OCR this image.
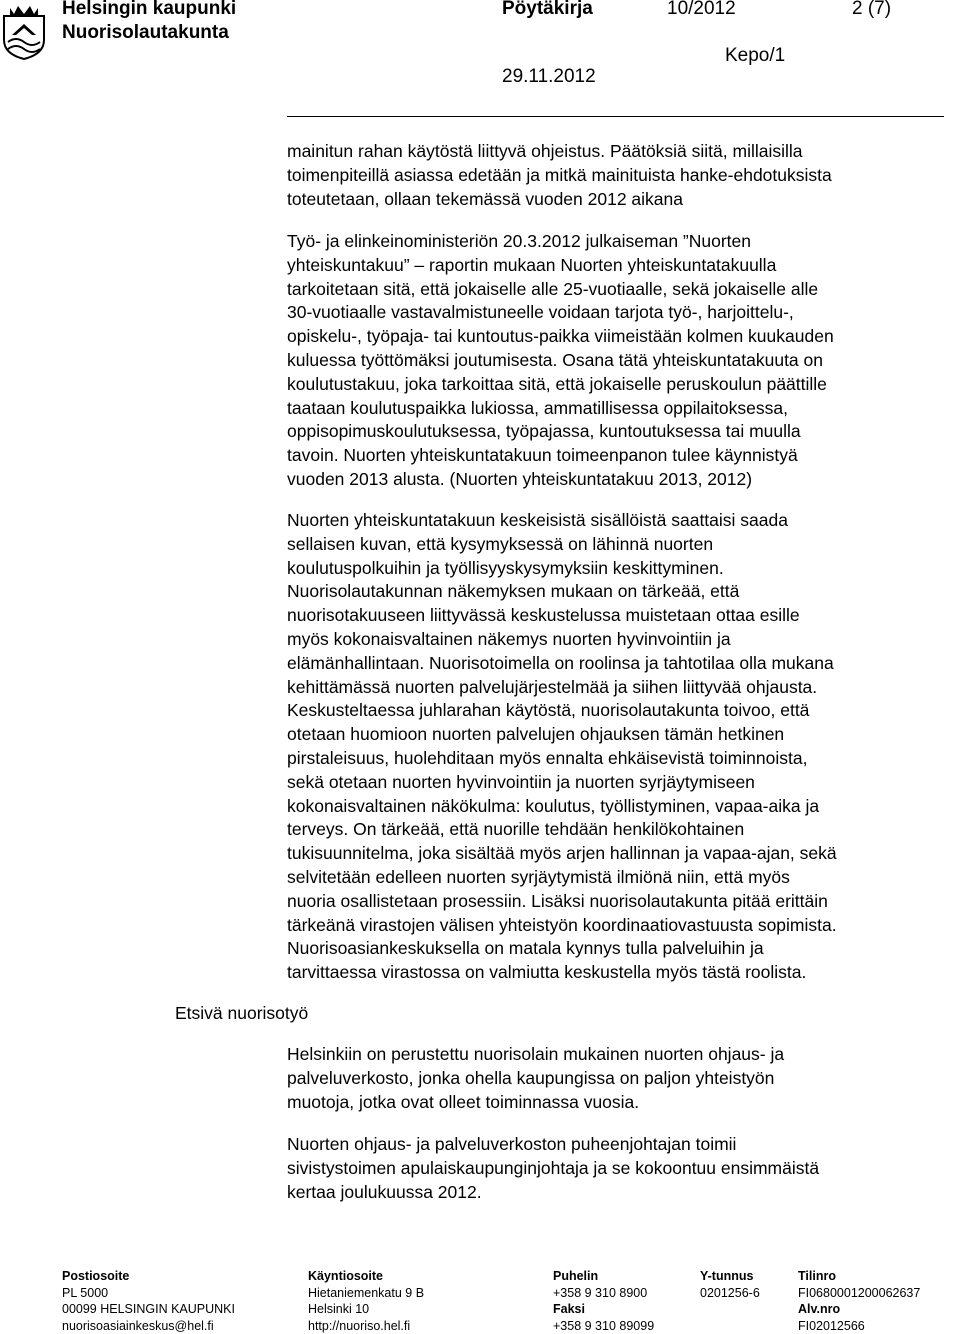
Helsingin kaupunki
Nuorisolautakunta
Pöytäkirja	10/2012	2 (7)
Kepo/1
29.11.2012
Etsivä nuorisotyö
mainitun rahan käytöstä liittyvä ohjeistus. Päätöksiä siitä, millaisilla
toimenpiteillä asiassa edetään ja mitkä mainituista hanke-ehdotuksista
toteutetaan, ollaan tekemässä vuoden 2012 aikana
Työ- ja elinkeinoministeriön 20.3.2012 julkaiseman ”Nuorten
yhteiskuntakuu” – raportin mukaan Nuorten yhteiskuntatakuulla
tarkoitetaan sitä, että jokaiselle alle 25-vuotiaalle, sekä jokaiselle alle
30-vuotiaalle vastavalmistuneelle voidaan tarjota työ-, harjoittelu-,
opiskelu-, työpaja- tai kuntoutus-paikka viimeistään kolmen kuukauden
kuluessa työttömäksi joutumisesta. Osana tätä yhteiskuntatakuuta on
koulutustakuu, joka tarkoittaa sitä, että jokaiselle peruskoulun päättille
taataan koulutuspaikka lukiossa, ammatillisessa oppilaitoksessa,
oppisopimuskoulutuksessa, työpajassa, kuntoutuksessa tai muulla
tavoin. Nuorten yhteiskuntatakuun toimeenpanon tulee käynnistyä
vuoden 2013 alusta. (Nuorten yhteiskuntatakuu 2013, 2012)
Nuorten yhteiskuntatakuun keskeisistä sisällöistä saattaisi saada
sellaisen kuvan, että kysymyksessä on lähinnä nuorten
koulutuspolkuihin ja työllisyyskysymyksiin keskittyminen.
Nuorisolautakunnan näkemyksen mukaan on tärkeää, että
nuorisotakuuseen liittyvässä keskustelussa muistetaan ottaa esille
myös kokonaisvaltainen näkemys nuorten hyvinvointiin ja
elämänhallintaan. Nuorisotoimella on roolinsa ja tahtotilaa olla mukana
kehittämässä nuorten palvelujärjestelmää ja siihen liittyvää ohjausta.
Keskusteltaessa juhlarahan käytöstä, nuorisolautakunta toivoo, että
otetaan huomioon nuorten palvelujen ohjauksen tämän hetkinen
pirstaleisuus, huolehditaan myös ennalta ehkäisevistä toiminnoista,
sekä otetaan nuorten hyvinvointiin ja nuorten syrjäytymiseen
kokonaisvaltainen näkökulma: koulutus, työllistyminen, vapaa-aika ja
terveys. On tärkeää, että nuorille tehdään henkilökohtainen
tukisuunnitelma, joka sisältää myös arjen hallinnan ja vapaa-ajan, sekä
selvitetään edelleen nuorten syrjäytymistä ilmiönä niin, että myös
nuoria osallistetaan prosessiin. Lisäksi nuorisolautakunta pitää erittäin
tärkeänä virastojen välisen yhteistyön koordinaatiovastuusta sopimista.
Nuorisoasiankeskuksella on matala kynnys tulla palveluihin ja
tarvittaessa virastossa on valmiutta keskustella myös tästä roolista.
Helsinkiin on perustettu nuorisolain mukainen nuorten ohjaus- ja
palveluverkosto, jonka ohella kaupungissa on paljon yhteistyön
muotoja, jotka ovat olleet toiminnassa vuosia.
Nuorten ohjaus- ja palveluverkoston puheenjohtajan toimii
sivistystoimen apulaiskaupunginjohtaja ja se kokoontuu ensimmäistä
kertaa joulukuussa 2012.
Postiosoite
PL 5000
00099 HELSINGIN KAUPUNKI
nuorisoasiainkeskus@hel.fi
Käyntiosoite
Hietaniemenkatu 9 B
Helsinki 10
http://nuoriso.hel.fi
Puhelin
+358 9 310 8900
Faksi
+358 9 310 89099
Y-tunnus
0201256-6
Tilinro
FI0680001200062637
Alv.nro
FI02012566
